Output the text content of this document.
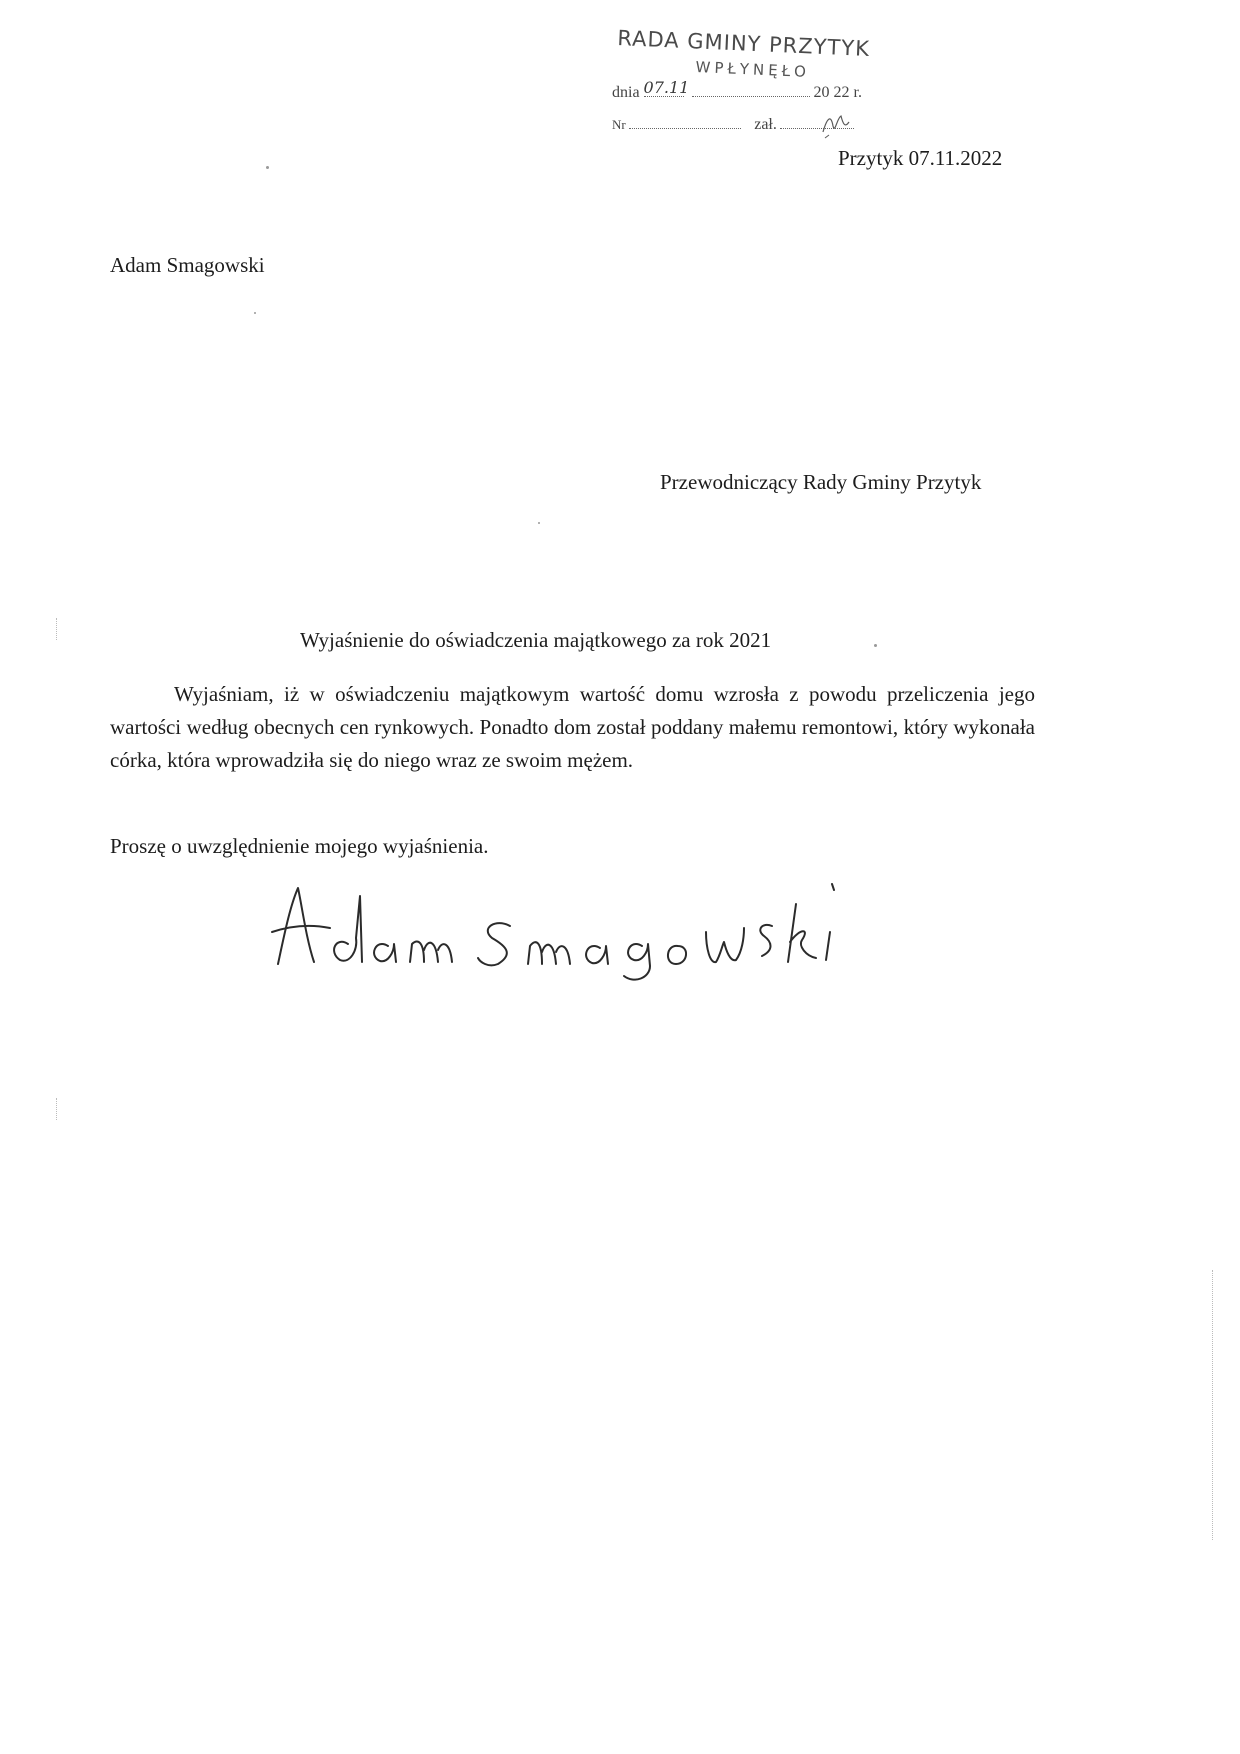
RADA GMINY PRZYTYK
WPŁYNĘŁO
dnia 07.11	20 22 r.
Nr	zał.
Przytyk 07.11.2022
Adam Smagowski
Przewodniczący Rady Gminy Przytyk
Wyjaśnienie do oświadczenia majątkowego za rok 2021

Wyjaśniam, iż w oświadczeniu majątkowym wartość domu wzrosła z powodu przeliczenia jego wartości według obecnych cen rynkowych. Ponadto dom został poddany małemu remontowi, który wykonała córka, która wprowadziła się do niego wraz ze swoim mężem.

Proszę o uwzględnienie mojego wyjaśnienia.
